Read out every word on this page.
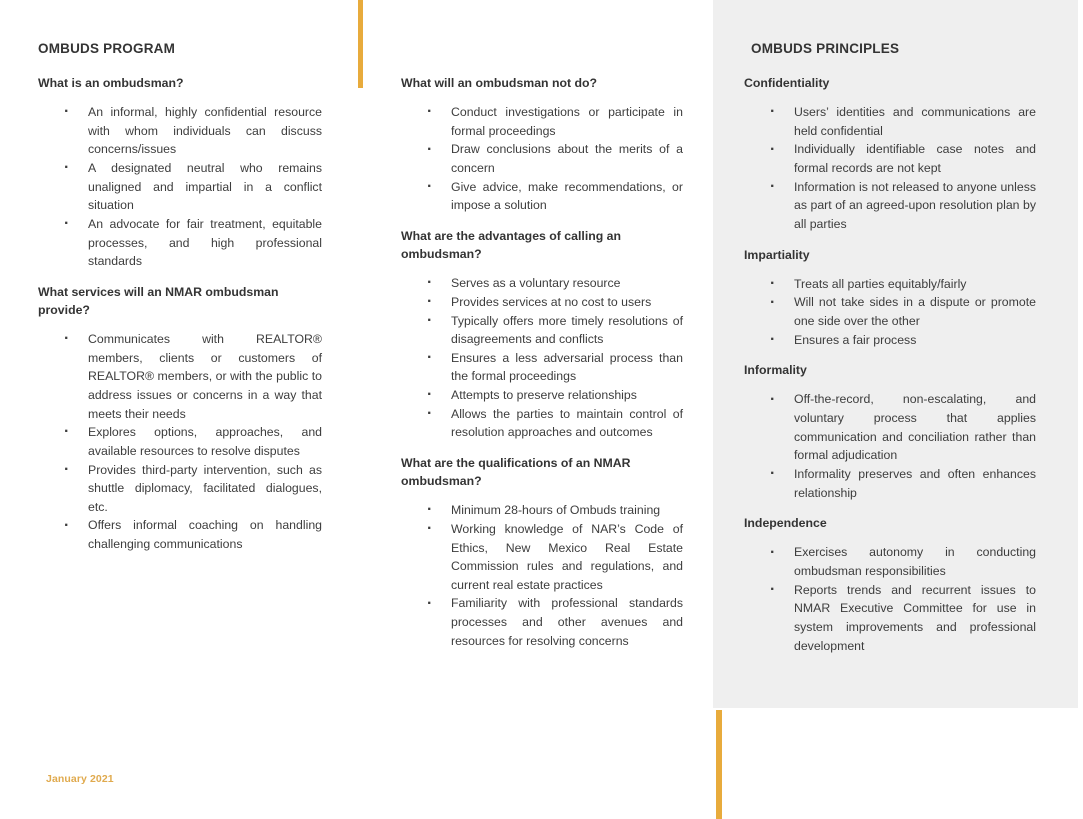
OMBUDS PROGRAM
What is an ombudsman?
· An informal, highly confidential resource with whom individuals can discuss concerns/issues
· A designated neutral who remains unaligned and impartial in a conflict situation
· An advocate for fair treatment, equitable processes, and high professional standards
What services will an NMAR ombudsman provide?
· Communicates with REALTOR® members, clients or customers of REALTOR® members, or with the public to address issues or concerns in a way that meets their needs
· Explores options, approaches, and available resources to resolve disputes
· Provides third-party intervention, such as shuttle diplomacy, facilitated dialogues, etc.
· Offers informal coaching on handling challenging communications
What will an ombudsman not do?
· Conduct investigations or participate in formal proceedings
· Draw conclusions about the merits of a concern
· Give advice, make recommendations, or impose a solution
What are the advantages of calling an ombudsman?
· Serves as a voluntary resource
· Provides services at no cost to users
· Typically offers more timely resolutions of disagreements and conflicts
· Ensures a less adversarial process than the formal proceedings
· Attempts to preserve relationships
· Allows the parties to maintain control of resolution approaches and outcomes
What are the qualifications of an NMAR ombudsman?
· Minimum 28-hours of Ombuds training
· Working knowledge of NAR’s Code of Ethics, New Mexico Real Estate Commission rules and regulations, and current real estate practices
· Familiarity with professional standards processes and other avenues and resources for resolving concerns
OMBUDS PRINCIPLES
Confidentiality
· Users’ identities and communications are held confidential
· Individually identifiable case notes and formal records are not kept
· Information is not released to anyone unless as part of an agreed-upon resolution plan by all parties
Impartiality
· Treats all parties equitably/fairly
· Will not take sides in a dispute or promote one side over the other
· Ensures a fair process
Informality
· Off-the-record, non-escalating, and voluntary process that applies communication and conciliation rather than formal adjudication
· Informality preserves and often enhances relationship
Independence
· Exercises autonomy in conducting ombudsman responsibilities
· Reports trends and recurrent issues to NMAR Executive Committee for use in system improvements and professional development
January 2021
